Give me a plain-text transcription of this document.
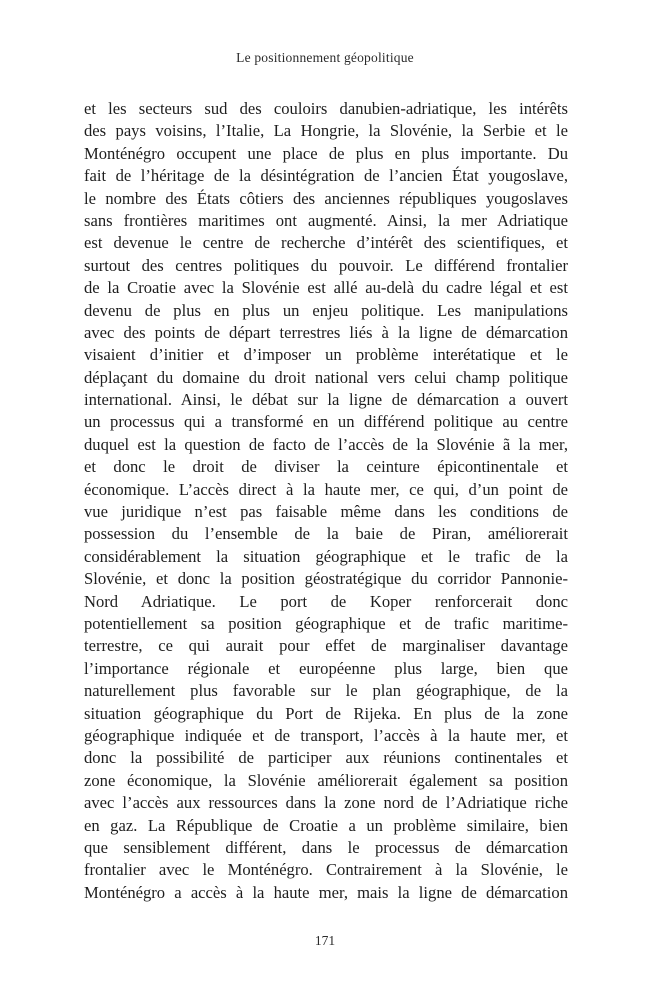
Le positionnement géopolitique
et les secteurs sud des couloirs danubien-adriatique, les intérêts
des pays voisins, l’Italie, La Hongrie, la Slovénie, la Serbie et le
Monténégro occupent une place de plus en plus importante. Du
fait de l’héritage de la désintégration de l’ancien État yougoslave,
le nombre des États côtiers des anciennes républiques yougoslaves
sans frontières maritimes ont augmenté. Ainsi, la mer Adriatique
est devenue le centre de recherche d’intérêt des scientifiques, et
surtout des centres politiques du pouvoir. Le différend frontalier
de la Croatie avec la Slovénie est allé au-delà du cadre légal et est
devenu de plus en plus un enjeu politique. Les manipulations
avec des points de départ terrestres liés à la ligne de démarcation
visaient d’initier et d’imposer un problème interétatique et le
déplaçant du domaine du droit national vers celui champ politique
international. Ainsi, le débat sur la ligne de démarcation a ouvert
un processus qui a transformé en un différend politique au centre
duquel est la question de facto de l’accès de la Slovénie ã la mer,
et donc le droit de diviser la ceinture épicontinentale et
économique. L’accès direct à la haute mer, ce qui, d’un point de
vue juridique n’est pas faisable même dans les conditions de
possession du l’ensemble de la baie de Piran, améliorerait
considérablement la situation géographique et le trafic de la
Slovénie, et donc la position géostratégique du corridor Pannonie-
Nord Adriatique. Le port de Koper renforcerait donc
potentiellement sa position géographique et de trafic maritime-
terrestre, ce qui aurait pour effet de marginaliser davantage
l’importance régionale et européenne plus large, bien que
naturellement plus favorable sur le plan géographique, de la
situation géographique du Port de Rijeka. En plus de la zone
géographique indiquée et de transport, l’accès à la haute mer, et
donc la possibilité de participer aux réunions continentales et
zone économique, la Slovénie améliorerait également sa position
avec l’accès aux ressources dans la zone nord de l’Adriatique riche
en gaz. La République de Croatie a un problème similaire, bien
que sensiblement différent, dans le processus de démarcation
frontalier avec le Monténégro. Contrairement à la Slovénie, le
Monténégro a accès à la haute mer, mais la ligne de démarcation
171
